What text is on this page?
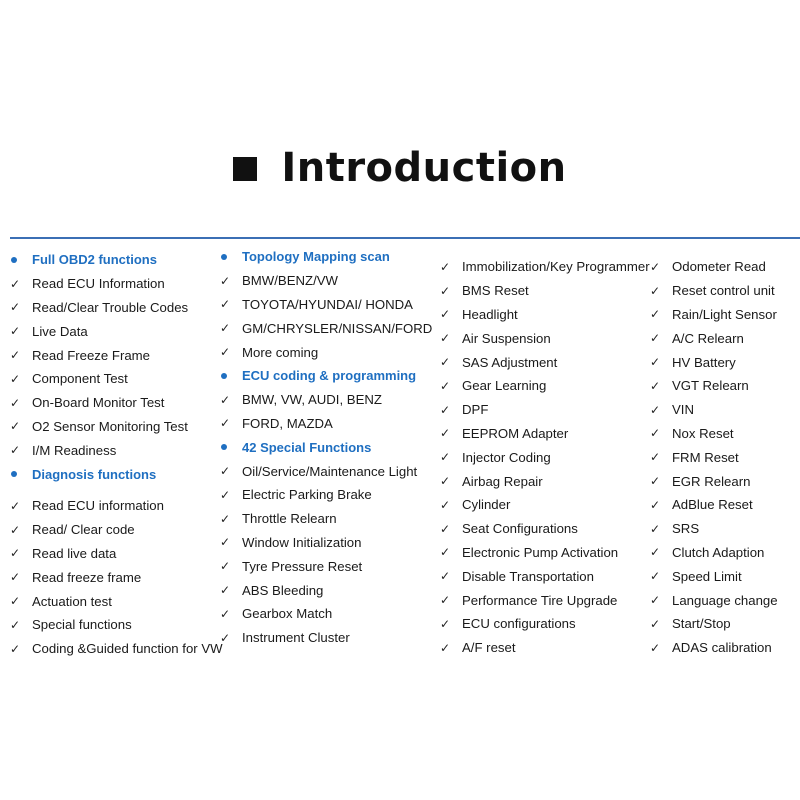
Introduction
Full OBD2 functions
✓ Read ECU Information
✓ Read/Clear Trouble Codes
✓ Live Data
✓ Read Freeze Frame
✓ Component Test
✓ On-Board Monitor Test
✓ O2 Sensor Monitoring Test
✓ I/M Readiness
Diagnosis functions
✓ Read ECU information
✓ Read/ Clear code
✓ Read live data
✓ Read freeze frame
✓ Actuation test
✓ Special functions
✓ Coding &Guided function for VW
Topology Mapping scan
✓ BMW/BENZ/VW
✓ TOYOTA/HYUNDAI/ HONDA
✓ GM/CHRYSLER/NISSAN/FORD
✓ More coming
ECU coding & programming
✓ BMW, VW, AUDI, BENZ
✓ FORD, MAZDA
42 Special Functions
✓ Oil/Service/Maintenance Light
✓ Electric Parking Brake
✓ Throttle Relearn
✓ Window Initialization
✓ Tyre Pressure Reset
✓ ABS Bleeding
✓ Gearbox Match
✓ Instrument Cluster
✓ Immobilization/Key Programmer
✓ BMS Reset
✓ Headlight
✓ Air Suspension
✓ SAS Adjustment
✓ Gear Learning
✓ DPF
✓ EEPROM Adapter
✓ Injector Coding
✓ Airbag Repair
✓ Cylinder
✓ Seat Configurations
✓ Electronic Pump Activation
✓ Disable Transportation
✓ Performance Tire Upgrade
✓ ECU configurations
✓ A/F reset
✓ Odometer Read
✓ Reset control unit
✓ Rain/Light Sensor
✓ A/C Relearn
✓ HV Battery
✓ VGT Relearn
✓ VIN
✓ Nox Reset
✓ FRM Reset
✓ EGR Relearn
✓ AdBlue Reset
✓ SRS
✓ Clutch Adaption
✓ Speed Limit
✓ Language change
✓ Start/Stop
✓ ADAS calibration
